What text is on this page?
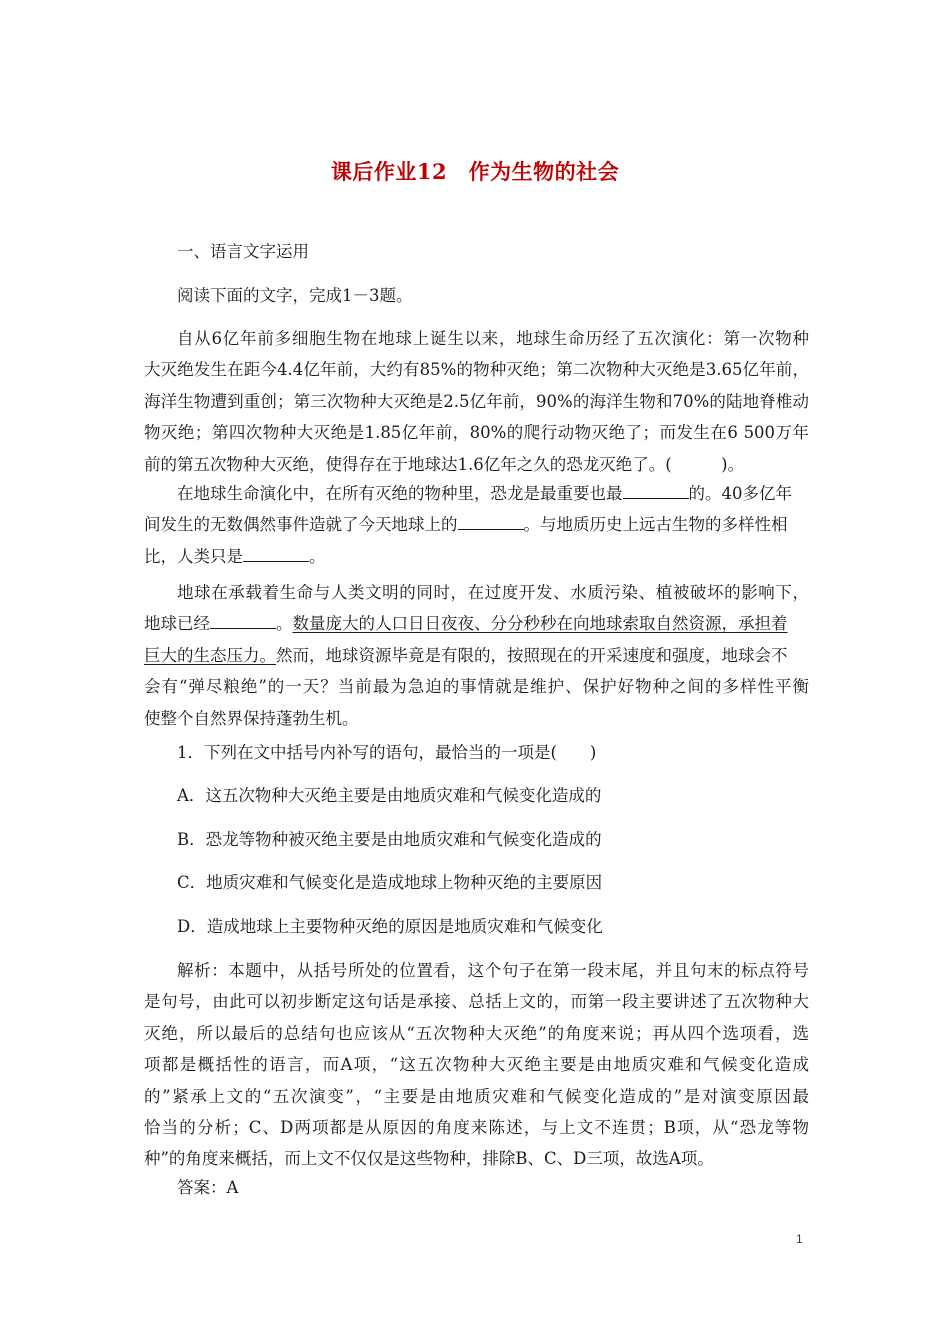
课后作业12　作为生物的社会
一、语言文字运用
阅读下面的文字，完成1－3题。
自从6亿年前多细胞生物在地球上诞生以来，地球生命历经了五次演化：第一次物种
大灭绝发生在距今4.4亿年前，大约有85%的物种灭绝；第二次物种大灭绝是3.65亿年前，
海洋生物遭到重创；第三次物种大灭绝是2.5亿年前，90%的海洋生物和70%的陆地脊椎动
物灭绝；第四次物种大灭绝是1.85亿年前，80%的爬行动物灭绝了；而发生在6 500万年
前的第五次物种大灭绝，使得存在于地球达1.6亿年之久的恐龙灭绝了。(　　　)。
在地球生命演化中，在所有灭绝的物种里，恐龙是最重要也最	的。40多亿年
间发生的无数偶然事件造就了今天地球上的	。与地质历史上远古生物的多样性相
比，人类只是	。
地球在承载着生命与人类文明的同时，在过度开发、水质污染、植被破坏的影响下，
地球已经	。数量庞大的人口日日夜夜、分分秒秒在向地球索取自然资源，承担着
巨大的生态压力。然而，地球资源毕竟是有限的，按照现在的开采速度和强度，地球会不
会有“弹尽粮绝”的一天？当前最为急迫的事情就是维护、保护好物种之间的多样性平衡
使整个自然界保持蓬勃生机。
1．下列在文中括号内补写的语句，最恰当的一项是(　　)
A．这五次物种大灭绝主要是由地质灾难和气候变化造成的
B．恐龙等物种被灭绝主要是由地质灾难和气候变化造成的
C．地质灾难和气候变化是造成地球上物种灭绝的主要原因
D．造成地球上主要物种灭绝的原因是地质灾难和气候变化
解析：本题中，从括号所处的位置看，这个句子在第一段末尾，并且句末的标点符号
是句号，由此可以初步断定这句话是承接、总括上文的，而第一段主要讲述了五次物种大
灭绝，所以最后的总结句也应该从“五次物种大灭绝”的角度来说；再从四个选项看，选
项都是概括性的语言，而A项，“这五次物种大灭绝主要是由地质灾难和气候变化造成
的”紧承上文的“五次演变”，“主要是由地质灾难和气候变化造成的”是对演变原因最
恰当的分析；C、D两项都是从原因的角度来陈述，与上文不连贯；B项，从“恐龙等物
种”的角度来概括，而上文不仅仅是这些物种，排除B、C、D三项，故选A项。
答案：A
1
